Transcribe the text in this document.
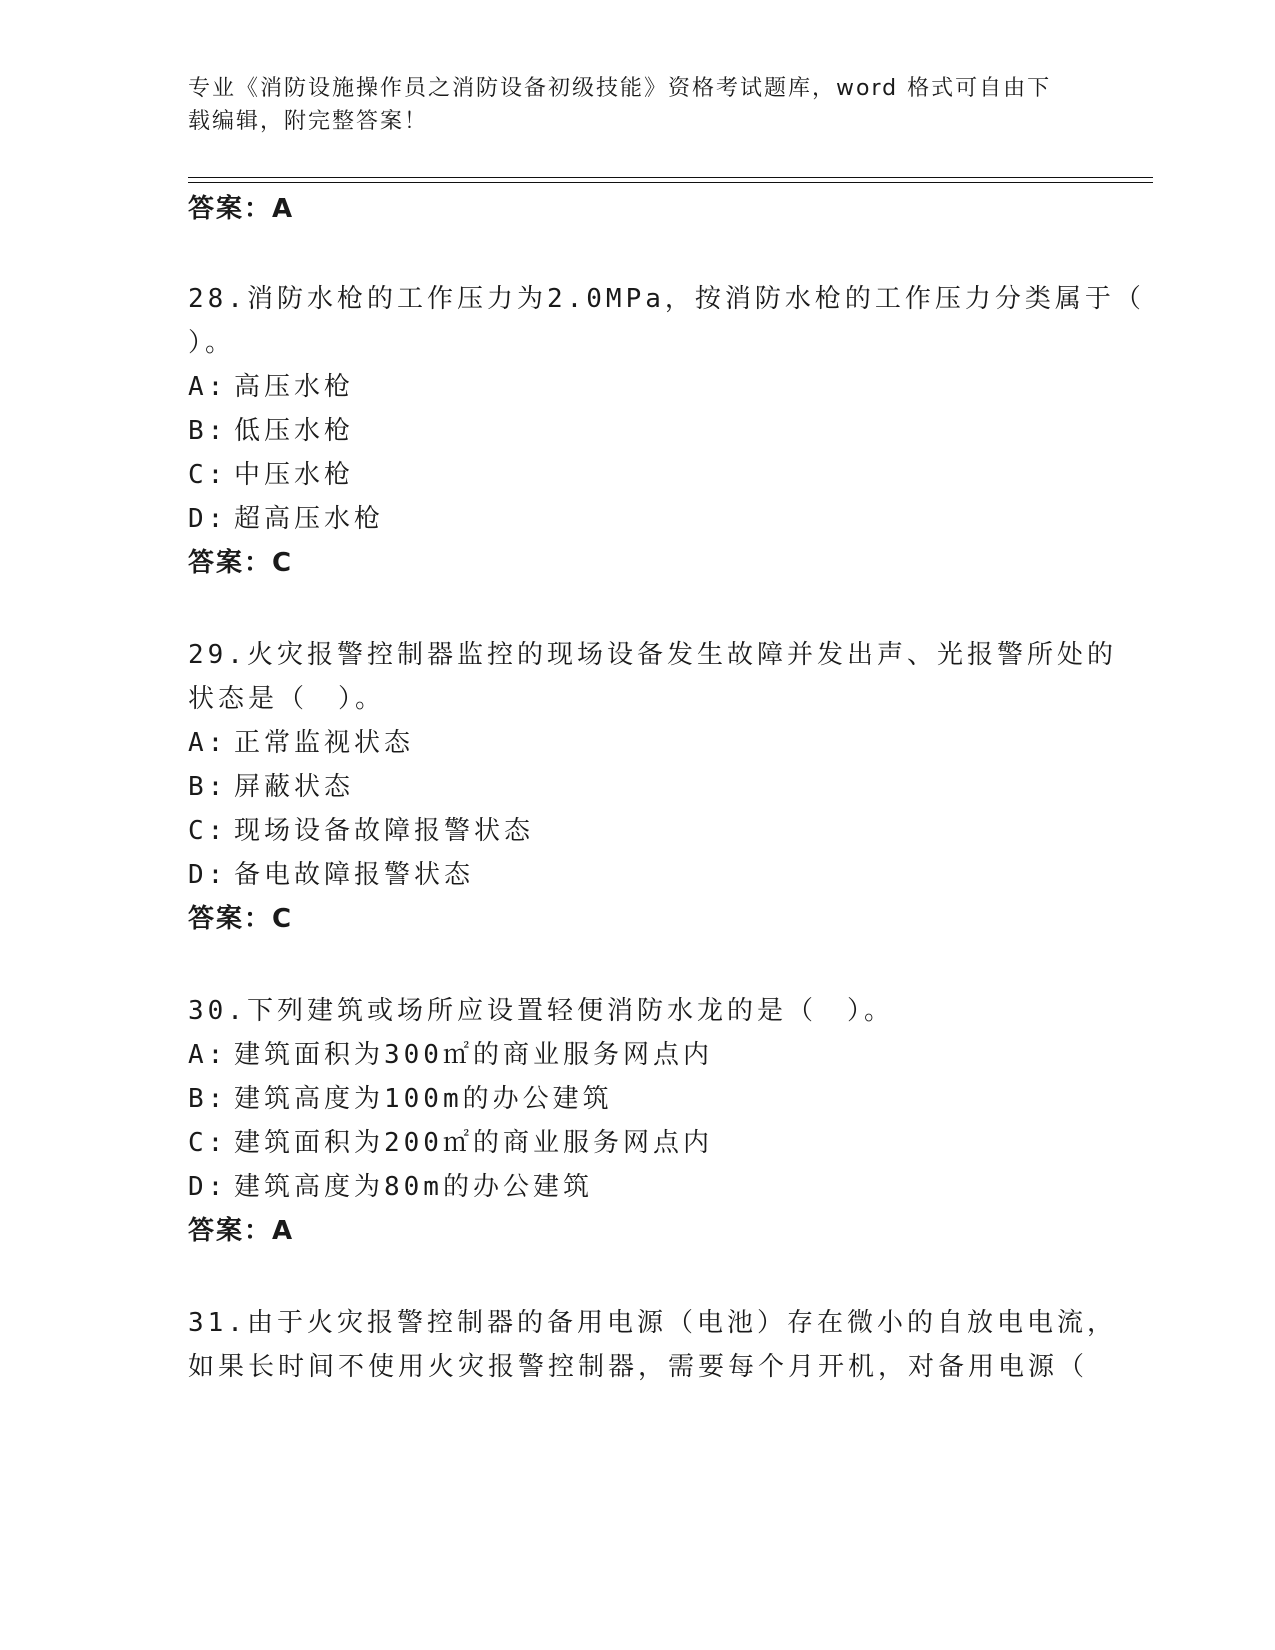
专业《消防设施操作员之消防设备初级技能》资格考试题库，word 格式可自由下
载编辑，附完整答案！
答案：A
28.消防水枪的工作压力为2.0MPa，按消防水枪的工作压力分类属于（
）。
A: 高压水枪
B: 低压水枪
C: 中压水枪
D: 超高压水枪
答案：C
29.火灾报警控制器监控的现场设备发生故障并发出声、光报警所处的
状态是（　）。
A: 正常监视状态
B: 屏蔽状态
C: 现场设备故障报警状态
D: 备电故障报警状态
答案：C
30.下列建筑或场所应设置轻便消防水龙的是（　）。
A: 建筑面积为300㎡的商业服务网点内
B: 建筑高度为100m的办公建筑
C: 建筑面积为200㎡的商业服务网点内
D: 建筑高度为80m的办公建筑
答案：A
31.由于火灾报警控制器的备用电源（电池）存在微小的自放电电流，
如果长时间不使用火灾报警控制器，需要每个月开机，对备用电源（
